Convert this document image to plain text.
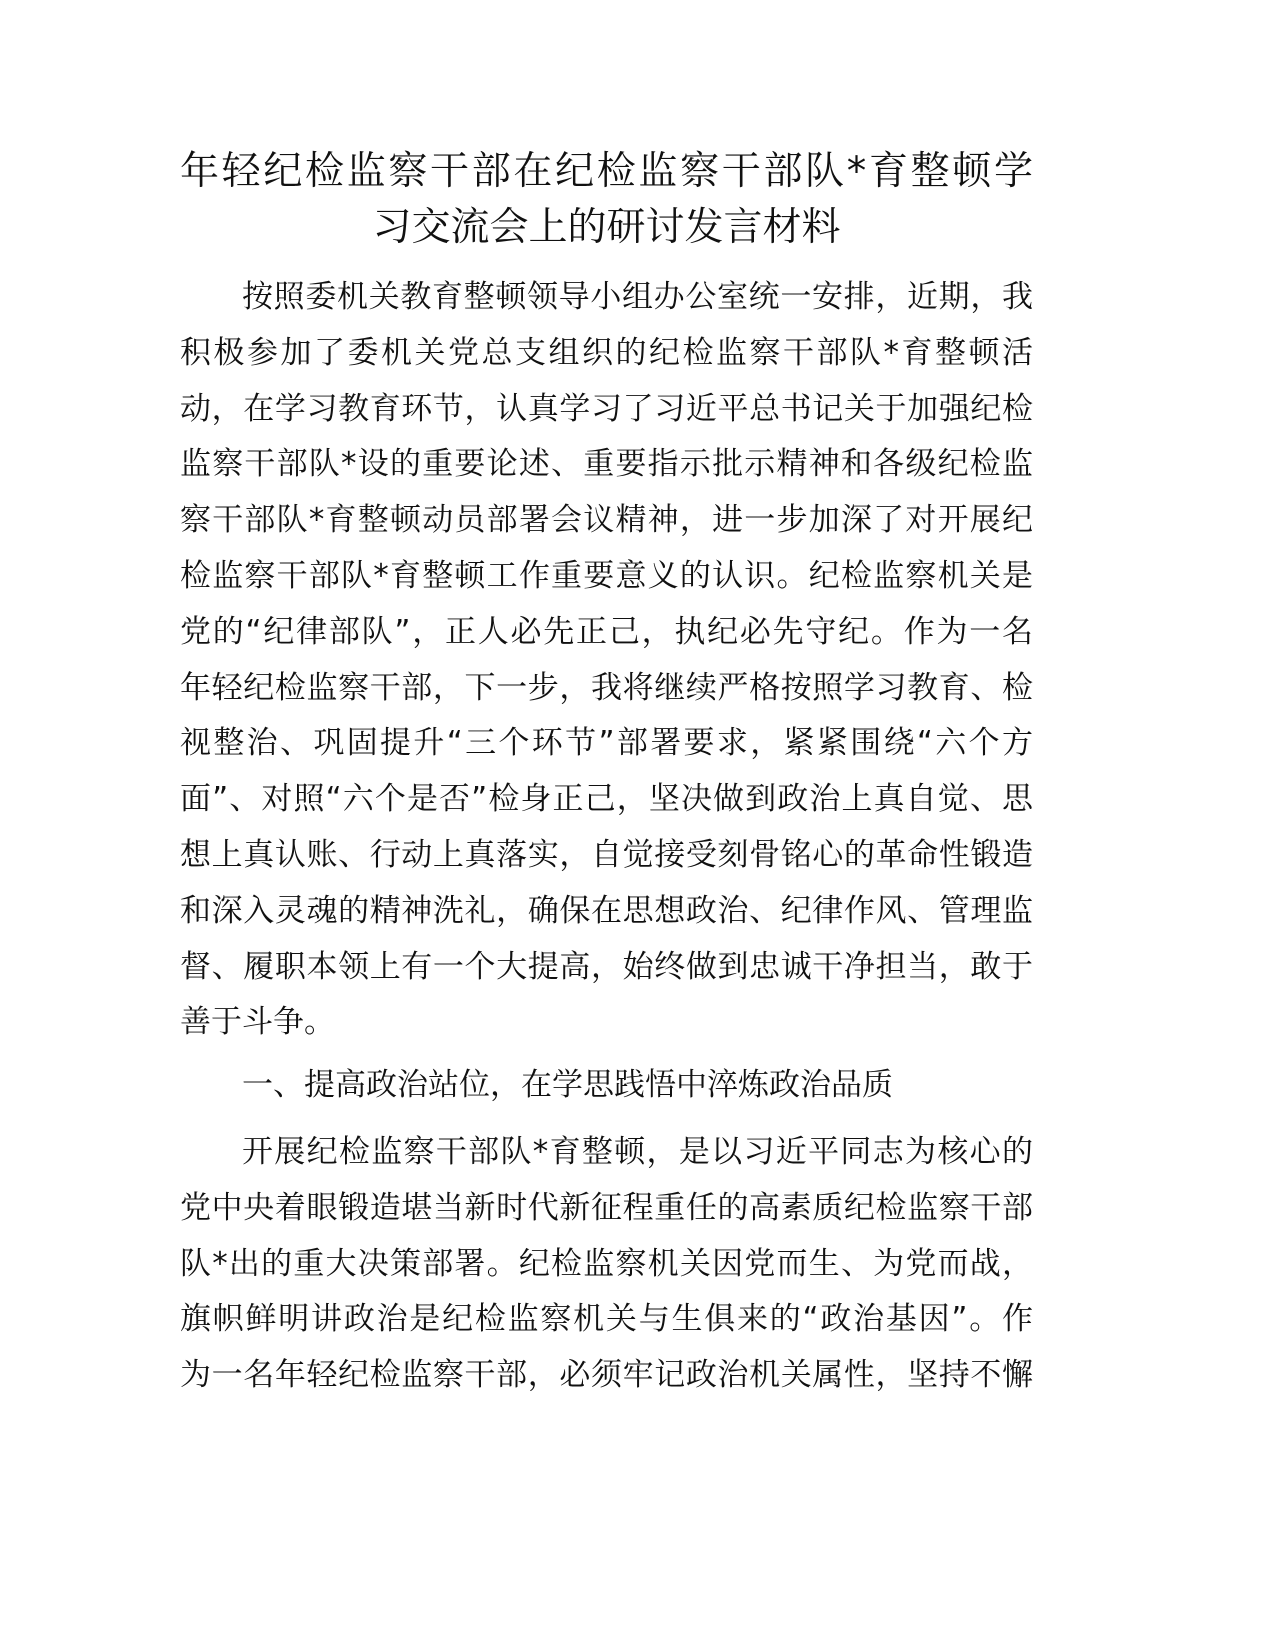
年轻纪检监察干部在纪检监察干部队*育整顿学
习交流会上的研讨发言材料
按照委机关教育整顿领导小组办公室统一安排，近期，我
积极参加了委机关党总支组织的纪检监察干部队*育整顿活
动，在学习教育环节，认真学习了习近平总书记关于加强纪检
监察干部队*设的重要论述、重要指示批示精神和各级纪检监
察干部队*育整顿动员部署会议精神，进一步加深了对开展纪
检监察干部队*育整顿工作重要意义的认识。纪检监察机关是
党的“纪律部队”，正人必先正己，执纪必先守纪。作为一名
年轻纪检监察干部，下一步，我将继续严格按照学习教育、检
视整治、巩固提升“三个环节”部署要求，紧紧围绕“六个方
面”、对照“六个是否”检身正己，坚决做到政治上真自觉、思
想上真认账、行动上真落实，自觉接受刻骨铭心的革命性锻造
和深入灵魂的精神洗礼，确保在思想政治、纪律作风、管理监
督、履职本领上有一个大提高，始终做到忠诚干净担当，敢于
善于斗争。
一、提高政治站位，在学思践悟中淬炼政治品质
开展纪检监察干部队*育整顿，是以习近平同志为核心的
党中央着眼锻造堪当新时代新征程重任的高素质纪检监察干部
队*出的重大决策部署。纪检监察机关因党而生、为党而战，
旗帜鲜明讲政治是纪检监察机关与生俱来的“政治基因”。作
为一名年轻纪检监察干部，必须牢记政治机关属性，坚持不懈
